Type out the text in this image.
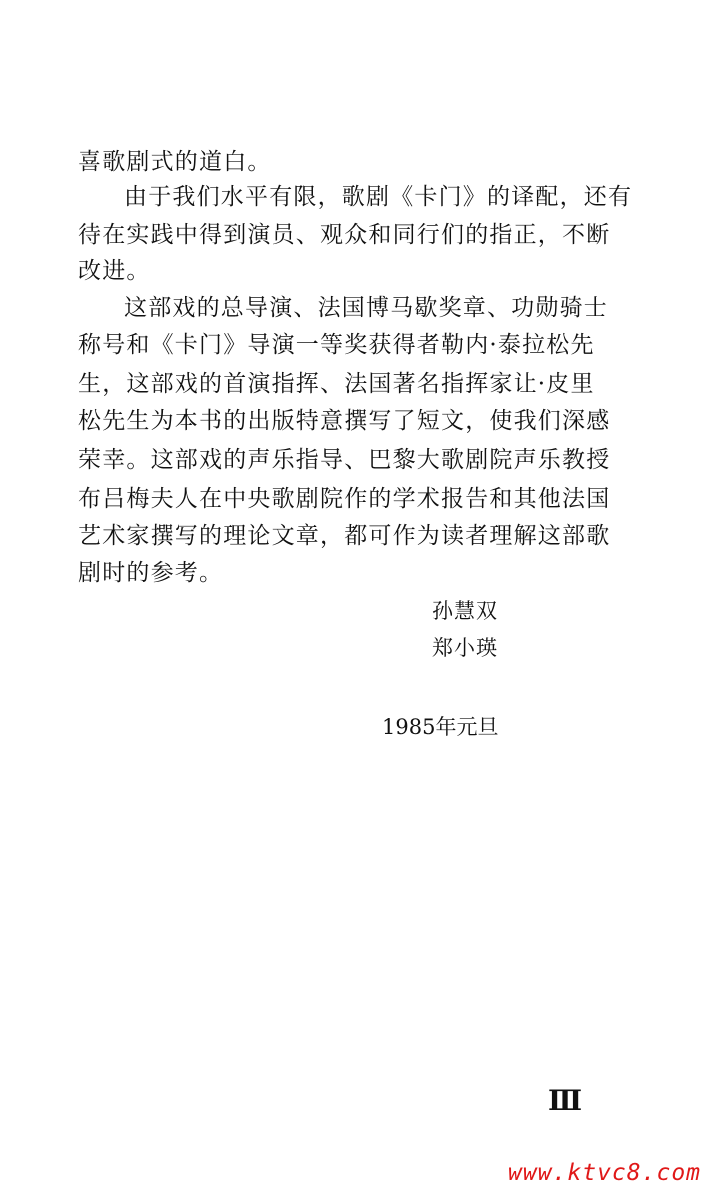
喜歌剧式的道白。
由于我们水平有限，歌剧《卡门》的译配，还有
待在实践中得到演员、观众和同行们的指正，不断
改进。
这部戏的总导演、法国博马歇奖章、功勋骑士
称号和《卡门》导演一等奖获得者勒内·泰拉松先
生，这部戏的首演指挥、法国著名指挥家让·皮里
松先生为本书的出版特意撰写了短文，使我们深感
荣幸。这部戏的声乐指导、巴黎大歌剧院声乐教授
布吕梅夫人在中央歌剧院作的学术报告和其他法国
艺术家撰写的理论文章，都可作为读者理解这部歌
剧时的参考。
孙慧双
郑小瑛
1985年元旦
Ⅲ
www.ktvc8.com
